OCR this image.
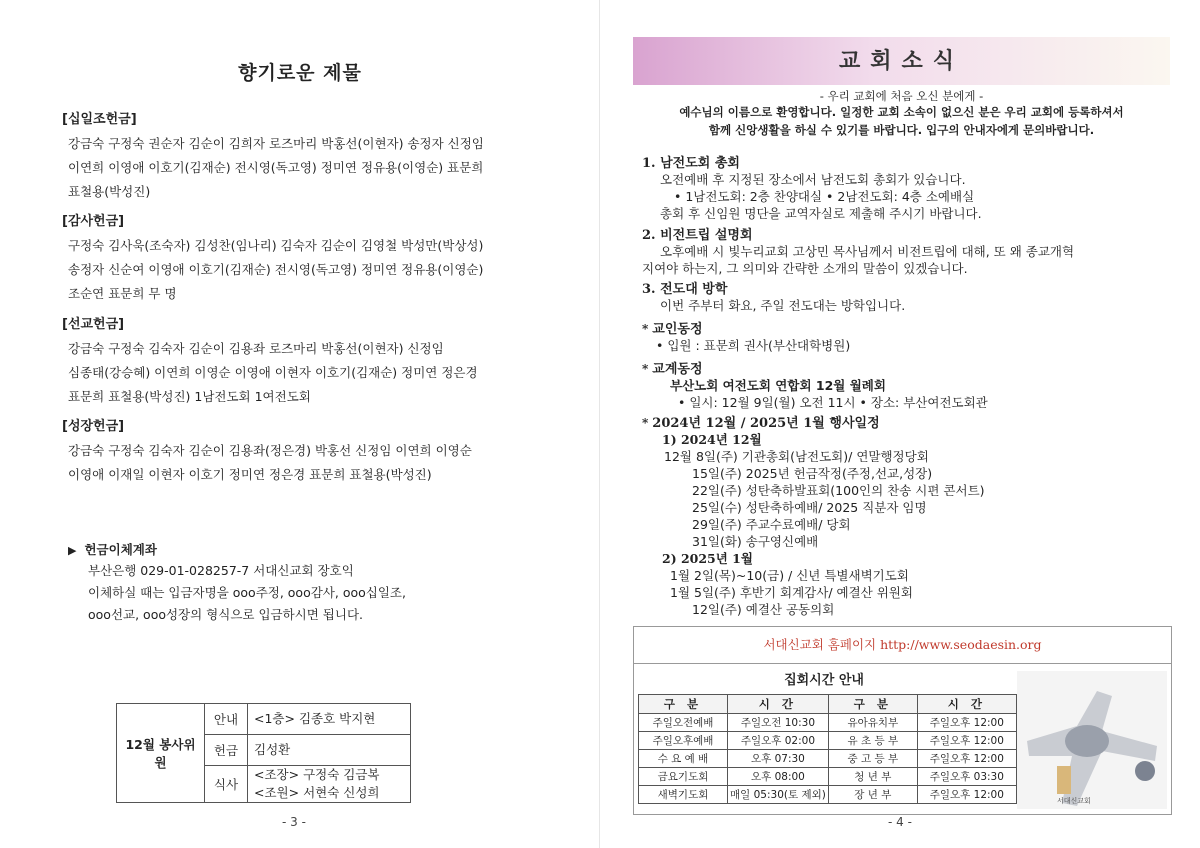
향기로운 제물
[십일조헌금]
강금숙 구정숙 권순자 김순이 김희자 로즈마리 박홍선(이현자) 송정자 신정임
이연희 이영애 이호기(김재순) 전시영(독고영) 정미연 정유용(이영순) 표문희
표철용(박성진)
[감사헌금]
구정숙 김사욱(조숙자) 김성찬(임나리) 김숙자 김순이 김영철 박성만(박상성)
송정자 신순여 이영애 이호기(김재순) 전시영(독고영) 정미연 정유용(이영순)
조순연 표문희 무 명
[선교헌금]
강금숙 구정숙 김숙자 김순이 김용좌 로즈마리 박홍선(이현자) 신정임
심종태(강승혜) 이연희 이영순 이영애 이현자 이호기(김재순) 정미연 정은경
표문희 표철용(박성진) 1남전도회 1여전도회
[성장헌금]
강금숙 구정숙 김숙자 김순이 김용좌(정은경) 박홍선 신정임 이연희 이영순
이영애 이재일 이현자 이호기 정미연 정은경 표문희 표철용(박성진)
▶ 헌금이체계좌
부산은행 029-01-028257-7 서대신교회 장호익
이체하실 때는 입금자명을 ooo주정, ooo감사, ooo십일조,
ooo선교, ooo성장의 형식으로 입금하시면 됩니다.
12월 봉사위원	안내	<1층> 김종호 박지현

	헌금	김성환

	식사	<조장> 구정숙 김금복
<조원> 서현숙 신성희
- 3 -
교회소식
- 우리 교회에 처음 오신 분에게 -
예수님의 이름으로 환영합니다. 일정한 교회 소속이 없으신 분은 우리 교회에 등록하셔서
함께 신앙생활을 하실 수 있기를 바랍니다. 입구의 안내자에게 문의바랍니다.
1. 남전도회 총회
오전예배 후 지정된 장소에서 남전도회 총회가 있습니다.
• 1남전도회: 2층 찬양대실 • 2남전도회: 4층 소예배실
총회 후 신임원 명단을 교역자실로 제출해 주시기 바랍니다.
2. 비전트립 설명회
오후예배 시 빛누리교회 고상민 목사님께서 비전트립에 대해, 또 왜 종교개혁
지여야 하는지, 그 의미와 간략한 소개의 말씀이 있겠습니다.
3. 전도대 방학
이번 주부터 화요, 주일 전도대는 방학입니다.
* 교인동정
• 입원 : 표문희 권사(부산대학병원)
* 교계동정
부산노회 여전도회 연합회 12월 월례회
• 일시: 12월 9일(월) 오전 11시 • 장소: 부산여전도회관
* 2024년 12월 / 2025년 1월 행사일정
1) 2024년 12월
12월 8일(주) 기관총회(남전도회)/ 연말행정당회
15일(주) 2025년 헌금작정(주정,선교,성장)
22일(주) 성탄축하발표회(100인의 찬송 시편 콘서트)
25일(수) 성탄축하예배/ 2025 직분자 임명
29일(주) 주교수료예배/ 당회
31일(화) 송구영신예배
2) 2025년 1월
1월 2일(목)~10(금) / 신년 특별새벽기도회
1월 5일(주) 후반기 회계감사/ 예결산 위원회
12일(주) 예결산 공동의회
서대신교회 홈페이지 http://www.seodaesin.org
집회시간 안내
구 분	시 간	구 분	시 간
주일오전예배	주일오전 10:30	유아유치부	주일오후 12:00
주일오후예배	주일오후 02:00	유 초 등 부	주일오후 12:00
수 요 예 배	오후 07:30	중 고 등 부	주일오후 12:00
금요기도회	오후 08:00	청 년 부	주일오후 03:30
새벽기도회	매일 05:30(토 제외)	장 년 부	주일오후 12:00	서대신교회
- 4 -
